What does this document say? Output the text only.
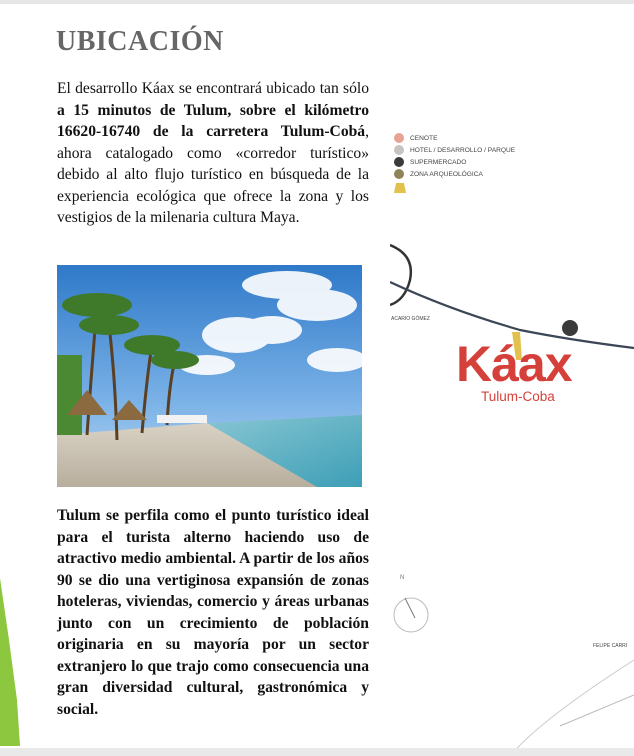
UBICACIÓN

El desarrollo Káax se encontrará ubicado tan sólo a 15 minutos de Tulum, sobre el kilómetro 16620-16740 de la carretera Tulum-Cobá, ahora catalogado como «corredor turístico» debido al alto flujo turístico en búsqueda de la experiencia ecológica que ofrece la zona y los vestigios de la milenaria cultura Maya.

CENOTE
HOTEL / DESARROLLO / PARQUE
SUPERMERCADO
ZONA ARQUEOLÓGICA
ACARIO GÓMEZ
FELIPE CARRI
N
Káax
Tulum-Coba

Tulum se perfila como el punto turístico ideal para el turista alterno haciendo uso de atractivo medio ambiental. A partir de los años 90 se dio una vertiginosa expansión de zonas hoteleras, viviendas, comercio y áreas urbanas junto con un crecimiento de población originaria en su mayoría por un sector extranjero lo que trajo como consecuencia una gran diversidad cultural, gastronómica y social.
